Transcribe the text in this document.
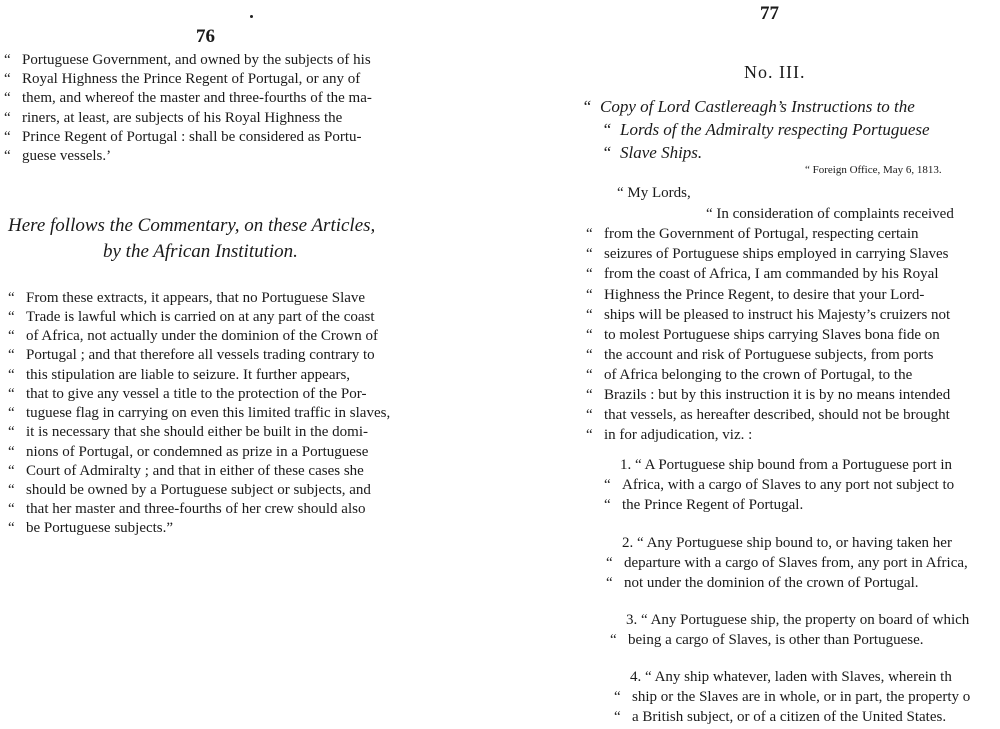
76
“ Portuguese Government, and owned by the subjects of his
“ Royal Highness the Prince Regent of Portugal, or any of
“ them, and whereof the master and three-fourths of the ma-
“ riners, at least, are subjects of his Royal Highness the
“ Prince Regent of Portugal : shall be considered as Portu-
“ guese vessels.’
Here follows the Commentary, on these Articles,
by the African Institution.
“ From these extracts, it appears, that no Portuguese Slave
“ Trade is lawful which is carried on at any part of the coast
“ of Africa, not actually under the dominion of the Crown of
“ Portugal ; and that therefore all vessels trading contrary to
“ this stipulation are liable to seizure. It further appears,
“ that to give any vessel a title to the protection of the Por-
“ tuguese flag in carrying on even this limited traffic in slaves,
“ it is necessary that she should either be built in the domi-
“ nions of Portugal, or condemned as prize in a Portuguese
“ Court of Admiralty ; and that in either of these cases she
“ should be owned by a Portuguese subject or subjects, and
“ that her master and three-fourths of her crew should also
“ be Portuguese subjects.”
77
No. III.
“ Copy of Lord Castlereagh’s Instructions to the
“ Lords of the Admiralty respecting Portuguese
“ Slave Ships.
“ Foreign Office, May 6, 1813.
“ My Lords,
“ In consideration of complaints received
“ from the Government of Portugal, respecting certain
“ seizures of Portuguese ships employed in carrying Slaves
“ from the coast of Africa, I am commanded by his Royal
“ Highness the Prince Regent, to desire that your Lord-
“ ships will be pleased to instruct his Majesty’s cruizers not
“ to molest Portuguese ships carrying Slaves bona fide on
“ the account and risk of Portuguese subjects, from ports
“ of Africa belonging to the crown of Portugal, to the
“ Brazils : but by this instruction it is by no means intended
“ that vessels, as hereafter described, should not be brought
“ in for adjudication, viz. :
1. “ A Portuguese ship bound from a Portuguese port in
“ Africa, with a cargo of Slaves to any port not subject to
“ the Prince Regent of Portugal.
2. “ Any Portuguese ship bound to, or having taken her
“ departure with a cargo of Slaves from, any port in Africa,
“ not under the dominion of the crown of Portugal.
3. “ Any Portuguese ship, the property on board of which
“ being a cargo of Slaves, is other than Portuguese.
4. “ Any ship whatever, laden with Slaves, wherein th
“ ship or the Slaves are in whole, or in part, the property o
“ a British subject, or of a citizen of the United States.
